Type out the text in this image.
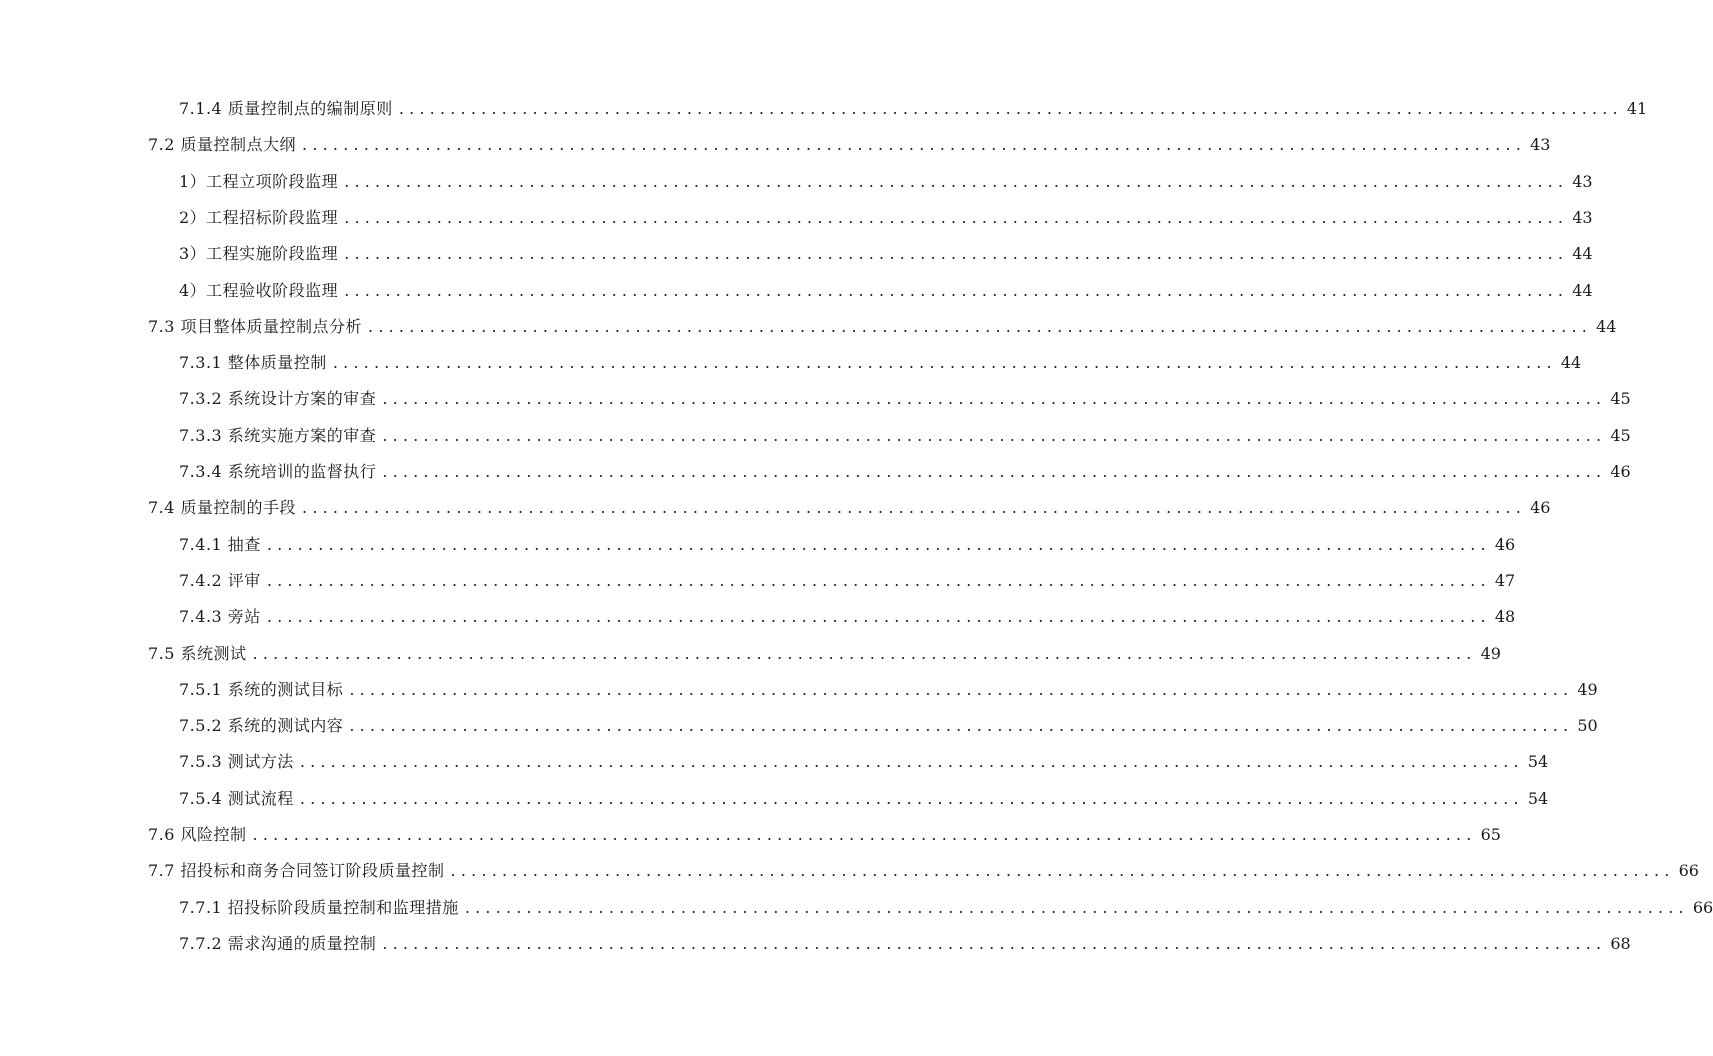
7.1.4 质量控制点的编制原则 ....................................................................................................................... 41
7.2 质量控制点大纲 ....................................................................................................................... 43
1）工程立项阶段监理 ....................................................................................................................... 43
2）工程招标阶段监理 ....................................................................................................................... 43
3）工程实施阶段监理 ....................................................................................................................... 44
4）工程验收阶段监理 ....................................................................................................................... 44
7.3 项目整体质量控制点分析 ....................................................................................................................... 44
7.3.1 整体质量控制 ....................................................................................................................... 44
7.3.2 系统设计方案的审查 ....................................................................................................................... 45
7.3.3 系统实施方案的审查 ....................................................................................................................... 45
7.3.4 系统培训的监督执行 ....................................................................................................................... 46
7.4 质量控制的手段 ....................................................................................................................... 46
7.4.1 抽查 ....................................................................................................................... 46
7.4.2 评审 ....................................................................................................................... 47
7.4.3 旁站 ....................................................................................................................... 48
7.5 系统测试 ....................................................................................................................... 49
7.5.1 系统的测试目标 ....................................................................................................................... 49
7.5.2 系统的测试内容 ....................................................................................................................... 50
7.5.3 测试方法 ....................................................................................................................... 54
7.5.4 测试流程 ....................................................................................................................... 54
7.6 风险控制 ....................................................................................................................... 65
7.7 招投标和商务合同签订阶段质量控制 ....................................................................................................................... 66
7.7.1 招投标阶段质量控制和监理措施 ....................................................................................................................... 66
7.7.2 需求沟通的质量控制 ....................................................................................................................... 68
